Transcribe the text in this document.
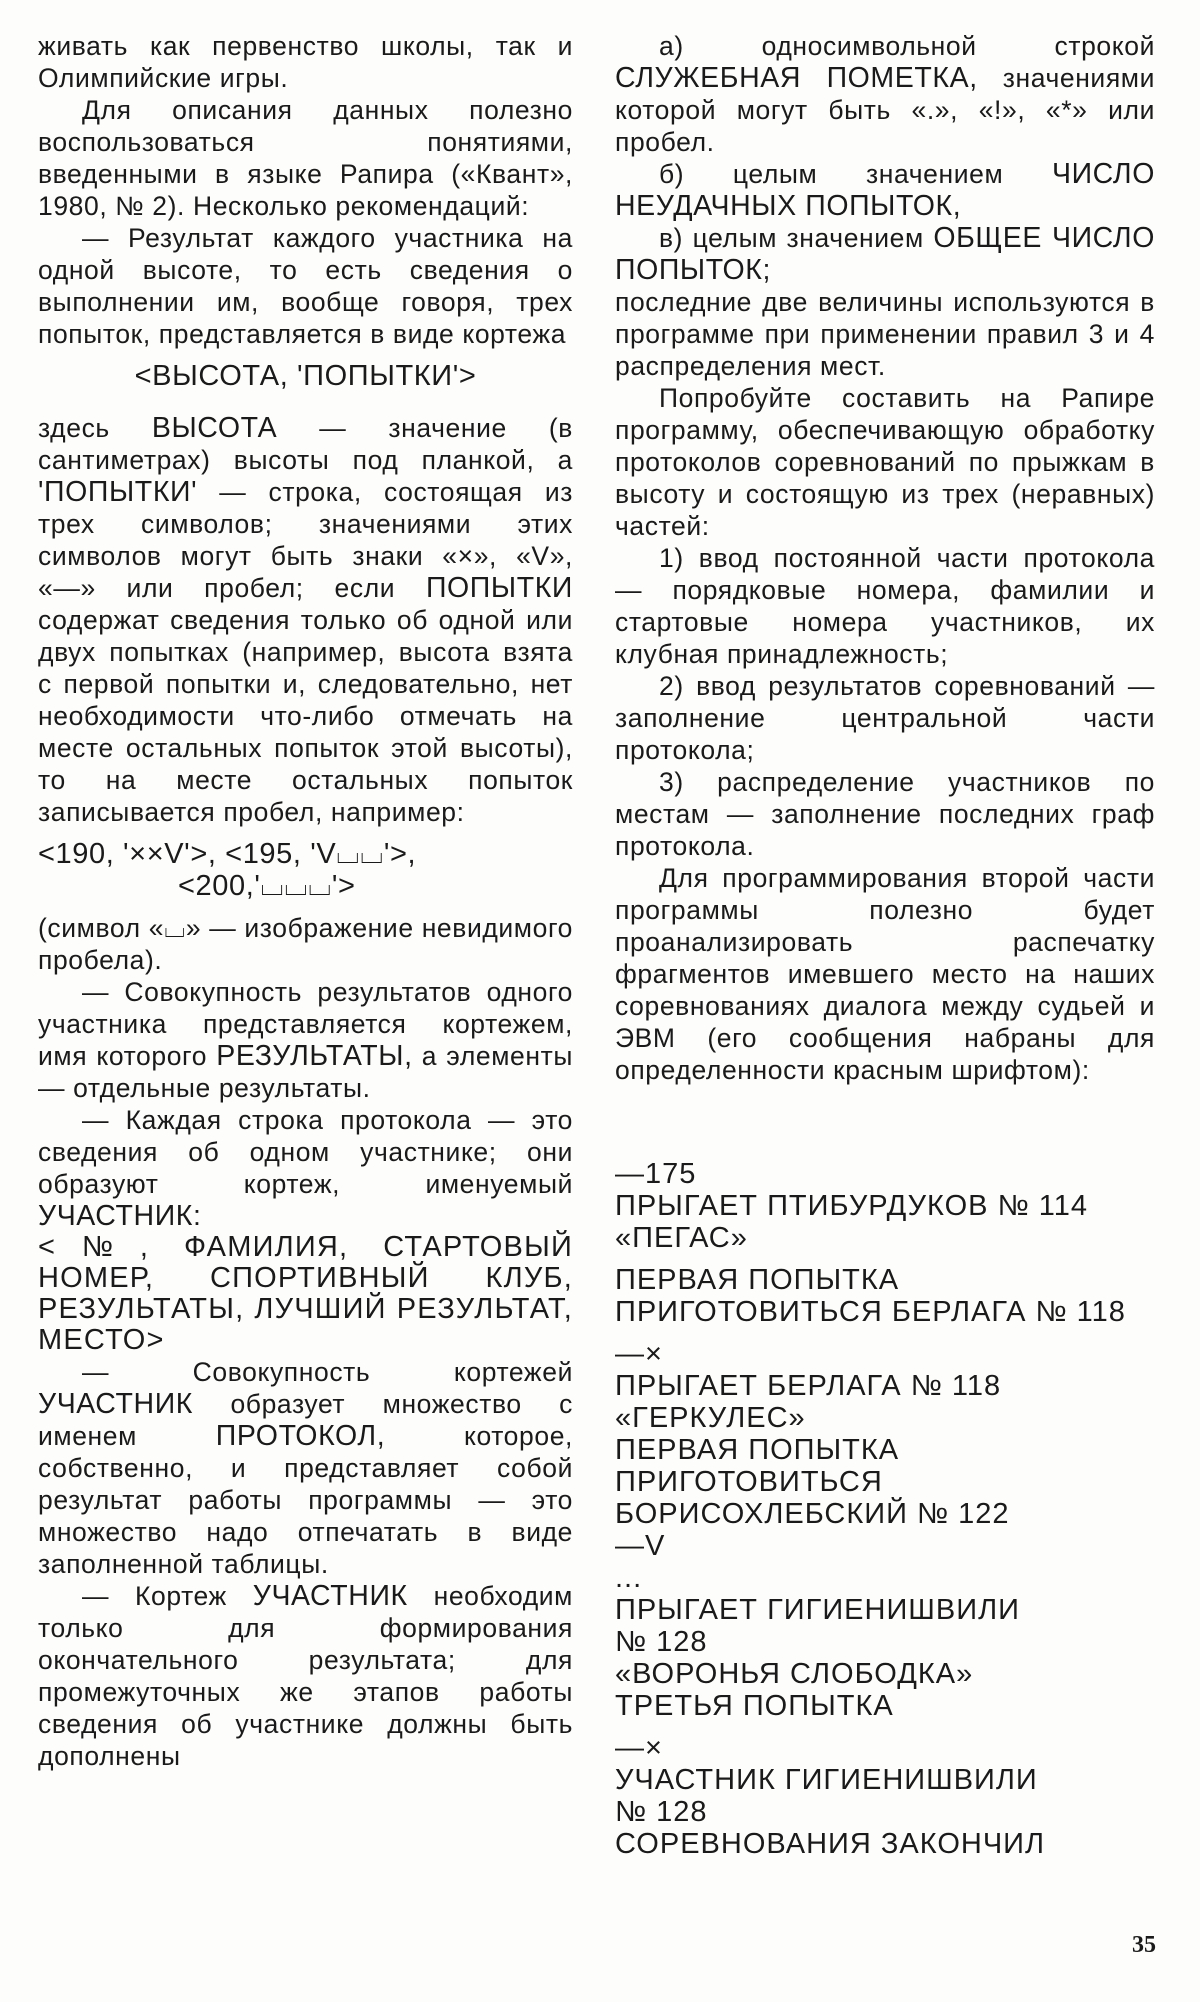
живать как первенство школы, так и Олимпийские игры.

Для описания данных полезно воспользоваться понятиями, введенными в языке Рапира («Квант», 1980, № 2). Несколько рекомендаций:

— Результат каждого участника на одной высоте, то есть сведения о выполнении им, вообще говоря, трех попыток, представляется в виде кортежа

<ВЫСОТА, 'ПОПЫТКИ'>

здесь ВЫСОТА — значение (в сантиметрах) высоты под планкой, а 'ПОПЫТКИ' — строка, состоящая из трех символов; значениями этих символов могут быть знаки «×», «V», «—» или пробел; если ПОПЫТКИ содержат сведения только об одной или двух попытках (например, высота взята с первой попытки и, следовательно, нет необходимости что-либо отмечать на месте остальных попыток этой высоты), то на месте остальных попыток записывается пробел, например:

<190, '××V'>, <195, 'V⌴⌴'>,
<200,'⌴⌴⌴'>

(символ «⌴» — изображение невидимого пробела).

— Совокупность результатов одного участника представляется кортежем, имя которого РЕЗУЛЬТАТЫ, а элементы — отдельные результаты.

— Каждая строка протокола — это сведения об одном участнике; они образуют кортеж, именуемый УЧАСТНИК:

<№, ФАМИЛИЯ, СТАРТОВЫЙ НОМЕР, СПОРТИВНЫЙ КЛУБ, РЕЗУЛЬТАТЫ, ЛУЧШИЙ РЕЗУЛЬТАТ, МЕСТО>

— Совокупность кортежей УЧАСТНИК образует множество с именем	ПРОТОКОЛ,	которое, собственно, и представляет собой результат работы программы — это множество надо отпечатать в виде заполненной таблицы.

— Кортеж УЧАСТНИК необходим только для формирования окончательного результата; для промежуточных же этапов работы сведения об участнике должны быть дополнены

а) односимвольной строкой СЛУЖЕБНАЯ ПОМЕТКА, значениями которой могут быть «.», «!», «*» или пробел.

б) целым значением ЧИСЛО НЕУДАЧНЫХ ПОПЫТОК,

в) целым значением ОБЩЕЕ ЧИСЛО ПОПЫТОК;

последние две величины используются в программе при применении правил 3 и 4 распределения мест.

Попробуйте составить на Рапире программу, обеспечивающую обработку протоколов соревнований по прыжкам в высоту и состоящую из трех (неравных) частей:

1) ввод постоянной части протокола — порядковые номера, фамилии и стартовые номера участников, их клубная принадлежность;

2) ввод результатов соревнований — заполнение центральной части протокола;

3) распределение участников по местам — заполнение последних граф протокола.

Для программирования второй части программы полезно будет проанализировать распечатку фрагментов имевшего место на наших соревнованиях диалога между судьей и ЭВМ (его сообщения набраны для определенности красным шрифтом):

—175

ПРЫГАЕТ ПТИБУРДУКОВ № 114

«ПЕГАС»

ПЕРВАЯ ПОПЫТКА

ПРИГОТОВИТЬСЯ БЕРЛАГА № 118

—×

ПРЫГАЕТ БЕРЛАГА № 118

«ГЕРКУЛЕС»

ПЕРВАЯ ПОПЫТКА

ПРИГОТОВИТЬСЯ

БОРИСОХЛЕБСКИЙ № 122

—V

...

ПРЫГАЕТ ГИГИЕНИШВИЛИ

№ 128

«ВОРОНЬЯ СЛОБОДКА»

ТРЕТЬЯ ПОПЫТКА

—×

УЧАСТНИК ГИГИЕНИШВИЛИ

№ 128

СОРЕВНОВАНИЯ ЗАКОНЧИЛ

35
